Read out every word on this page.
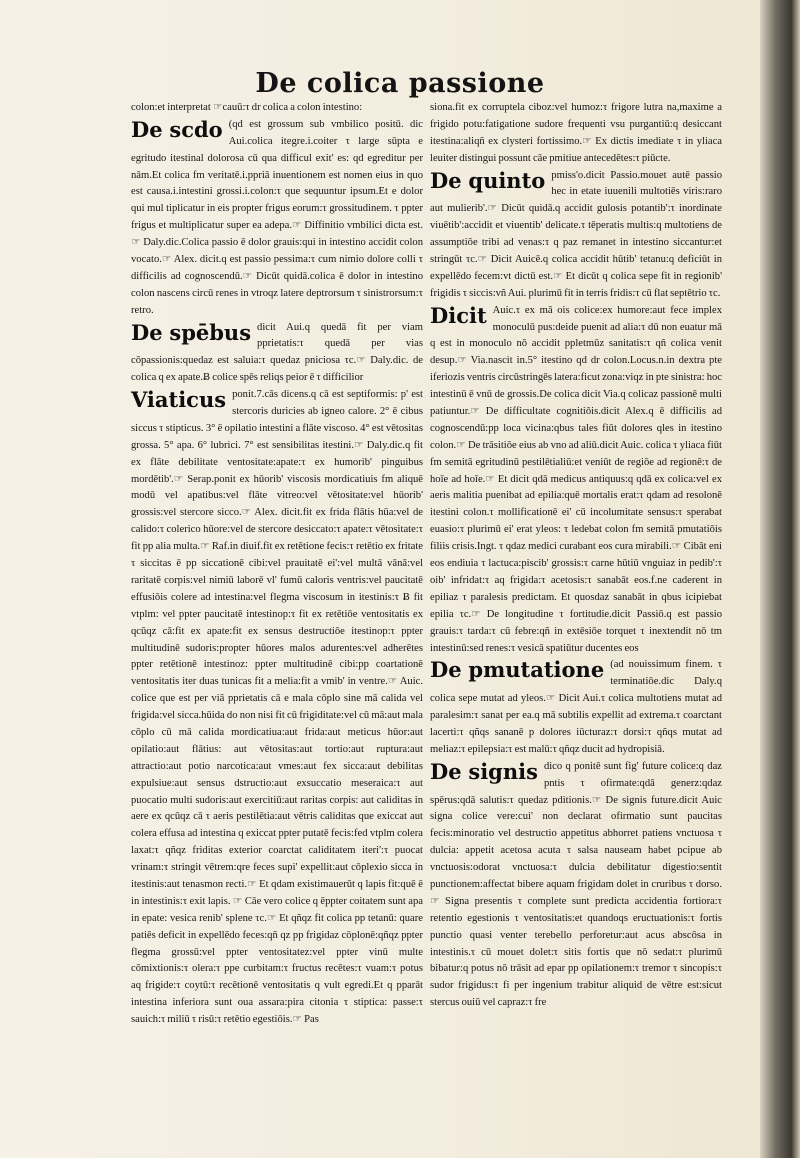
De colica passione
colon:et interpretat ☞cauū:τ dr colica a colon intestino:
De scdo (qd est grossum sub vmbilico positū. dic Aui.colica itegre.i.coiter τ large sūpta e egritudo itestinal dolorosa cū qua difficul exit' es: qd egreditur per nām.Et colica fm veritatē.i.ppriā inuentionem est nomen eius in quo est causa.i.intestini grossi.i.colon:τ que sequuntur ipsum.Et e dolor qui mul tiplicatur in eis propter frigus eorum:τ grossitudinem. τ ppter frigus et multiplicatur super ea adepa.☞ Diffinitio vmbilici dicta est.☞ Daly.dic.Colica passio ē dolor grauis:qui in intestino accidit colon vocato.☞ Alex. dicit.q est passio pessima:τ cum nimio dolore colli τ difficilis ad cognoscendū.☞ Dicūt quidā.colica ē dolor in intestino colon nascens circū renes in vtroqz latere deptrorsum τ sinistrorsum:τ retro.
De spēbus dicit Aui.q quedā fit per viam pprietatis:τ quedā per vias cōpassionis:quedaz est saluia:τ quedaz pniciosa τc.☞ Daly.dic. de colica q ex apate.Ƀ colice spēs reliqs peior ē τ difficilior
Viaticus ponit.7.cās dicens.q cā est septiformis: p' est stercoris duricies ab igneo calore. 2° ē cibus siccus τ stipticus. 3° ē opilatio intestini a flāte viscoso. 4° est vētositas grossa. 5° apa. 6° lubrici. 7° est sensibilitas itestini.☞ Daly.dic.q fit ex flāte debilitate ventositate:apate:τ ex humorib' pinguibus mordētib'.☞ Serap.ponit ex hūorib' viscosis mordicatiuis fm aliquē modū vel apatibus:vel flāte vitreo:vel vētositate:vel hūorib' grossis:vel stercore sicco.☞ Alex. dicit.fit ex frida flātis hūa:vel de calido:τ colerico hūore:vel de stercore desiccato:τ apate:τ vētositate:τ fit pp alia multa.☞ Raf.in diuif.fit ex retētione fecis:τ retētio ex fritate τ siccitas ē pp siccationē cibi:vel prauitatē ei':vel multā vānā:vel raritatē corpis:vel nimiū laborē vl' fumū caloris ventris:vel paucitatē effusiōis colere ad intestina:vel flegma viscosum in itestinis:τ Ƀ fit vtplm: vel ppter paucitatē intestinop:τ fit ex retētiōe ventositatis ex qcūqz cā:fit ex apate:fit ex sensus destructiōe itestinop:τ ppter multitudinē sudoris:propter hūores malos adurentes:vel adherētes ppter retētionē intestinoz: ppter multitudinē cibi:pp coartationē ventositatis iter duas tunicas fit a melia:fit a vmib' in ventre.☞ Auic. colice que est per viā pprietatis cā e mala cōplo sine mā calida vel frigida:vel sicca.hūida do non nisi fit cū frigiditate:vel cū mā:aut mala cōplo cū mā calida mordicatiua:aut frida:aut meticus hūor:aut opilatio:aut flātius: aut vētositas:aut tortio:aut ruptura:aut attractio:aut potio narcotica:aut vmes:aut fex sicca:aut debilitas expulsiue:aut sensus dstructio:aut exsuccatio meseraica:τ aut puocatio multi sudoris:aut exercitiū:aut raritas corpis: aut caliditas in aere ex qcūqz cā τ aeris pestilētia:aut vētris caliditas que exiccat aut colera effusa ad intestina q exiccat ppter putatē fecis:fed vtplm colera laxat:τ qñqz friditas exterior coarctat caliditatem iteri':τ puocat vrinam:τ stringit vētrem:qre feces supi' expellit:aut cōplexio sicca in itestinis:aut tenasmon recti.☞ Et qdam existimauerūt q lapis fit:quē ē in intestinis:τ exit lapis. ☞ Cāe vero colice q ēppter coitatem sunt apa in epate: vesica renib' splene τc.☞ Et qñqz fit colica pp tetanū: quare patiēs deficit in expellēdo feces:qñ qz pp frigidaz cōplonē:qñqz ppter flegma grossū:vel ppter ventositatez:vel ppter vinū multe cōmixtionis:τ olera:τ ppe curbitam:τ fructus recētes:τ vuam:τ potus aq frigide:τ coytū:τ recētionē ventositatis q vult egredi.Et q pparāt intestina inferiora sunt oua assara:pira citonia τ stiptica: passe:τ sauich:τ miliū τ risū:τ retētio egestiōis.☞ Pas
siona.fit ex corruptela ciboz:vel humoz:τ frigore lutra na,maxime a frigido potu:fatigatione sudore frequenti vsu purgantiū:q desiccant itestina:aliqñ ex clysteri fortissimo.☞ Ex dictis imediate τ in yliaca leuiter distingui possunt cāe pmitiue antecedētes:τ piūcte.
De quinto pmiss'o.dicit Passio.mouet autē passio hec in etate iuuenili multotiēs viris:raro aut mulierib'.☞ Dicūt quidā.q accidit gulosis potantib':τ inordinate viuētib':accidit et viuentib' delicate.τ tēperatis multis:q multotiens de assumptiōe tribi ad venas:τ q paz remanet in intestino siccantur:et stringūt τc.☞ Dicit Auicē.q colica accidit hūtib' tetanu:q deficiūt in expellēdo fecem:vt dictū est.☞ Et dicūt q colica sepe fit in regionib' frigidis τ siccis:vñ Aui. plurimū fit in terris fridis:τ cū flat septētrio τc.
Dicit Auic.τ ex mā ois colice:ex humore:aut fece implex monoculū pus:deide puenit ad alia:τ dū non euatur mā q est in monoculo nō accidit ppletmūz sanitatis:τ qñ colica venit desup.☞ Via.nascit in.5° itestino qd dr colon.Locus.n.in dextra pte iferiozis ventris circūstringēs latera:ficut zona:viqz in pte sinistra: hoc intestinū ē vnū de grossis.De colica dicit Via.q colicaz passionē multi patiuntur.☞ De difficultate cognitiōis.dicit Alex.q ē difficilis ad cognoscendū:pp loca vicina:qbus tales fiūt dolores qles in itestino colon.☞ De trāsitiōe eius ab vno ad aliū.dicit Auic. colica τ yliaca fiūt fm semitā egritudinū pestilētialiū:et veniūt de regiōe ad regionē:τ de hoīe ad hoīe.☞ Et dicit qdā medicus antiquus:q qdā ex colica:vel ex aeris malitia puenibat ad epilia:quē mortalis erat:τ qdam ad resolonē itestini colon.τ mollificationē ei' cū incolumitate sensus:τ sperabat euasio:τ plurimū ei' erat yleos: τ ledebat colon fm semitā pmutatiōis filiis crisis.Ingt. τ qdaz medici curabant eos cura mirabili.☞ Cibāt eni eos endiuia τ lactuca:piscib' grossis:τ carne hūtiū vnguiaz in pedib':τ oib' infridat:τ aq frigida:τ acetosis:τ sanabāt eos.f.ne caderent in epiliaz τ paralesis predictam. Et quosdaz sanabāt in qbus icipiebat epilia τc.☞ De longitudine τ fortitudie.dicit Passiō.q est passio grauis:τ tarda:τ cū febre:qñ in extēsiōe torquet τ inextendit nō tm intestinū:sed renes:τ vesicā spatiūtur ducentes eos
De pmutatione (ad nouissimum finem. τ terminatiōe.dic Daly.q colica sepe mutat ad yleos.☞ Dicit Aui.τ colica multotiens mutat ad paralesim:τ sanat per ea.q mā subtilis expellit ad extrema.τ coarctant lacerti:τ qñqs sananē p dolores iūcturaz:τ dorsi:τ qñqs mutat ad meliaz:τ epilepsia:τ est malū:τ qñqz ducit ad hydropisiā.
De signis dico q ponitē sunt fig' future colice:q daz pntis τ ofirmate:qdā generz:qdaz spērus:qdā salutis:τ quedaz pditionis.☞ De signis future.dicit Auic signa colice vere:cui' non declarat ofirmatio sunt paucitas fecis:minoratio vel destructio appetitus abhorret patiens vnctuosa τ dulcia: appetit acetosa acuta τ salsa nauseam habet pcipue ab vnctuosis:odorat vnctuosa:τ dulcia debilitatur digestio:sentit punctionem:affectat bibere aquam frigidam dolet in cruribus τ dorso.☞ Signa presentis τ complete sunt predicta accidentia fortiora:τ retentio egestionis τ ventositatis:et quandoqs eructuationis:τ fortis punctio quasi venter terebello perforetur:aut acus abscōsa in intestinis.τ cū mouet dolet:τ sitis fortis que nō sedat:τ plurimū bibatur:q potus nō trāsit ad epar pp opilationem:τ tremor τ sincopis:τ sudor frigidus:τ fi per ingenium trabitur aliquid de vētre est:sicut stercus ouiū vel capraz:τ fre
